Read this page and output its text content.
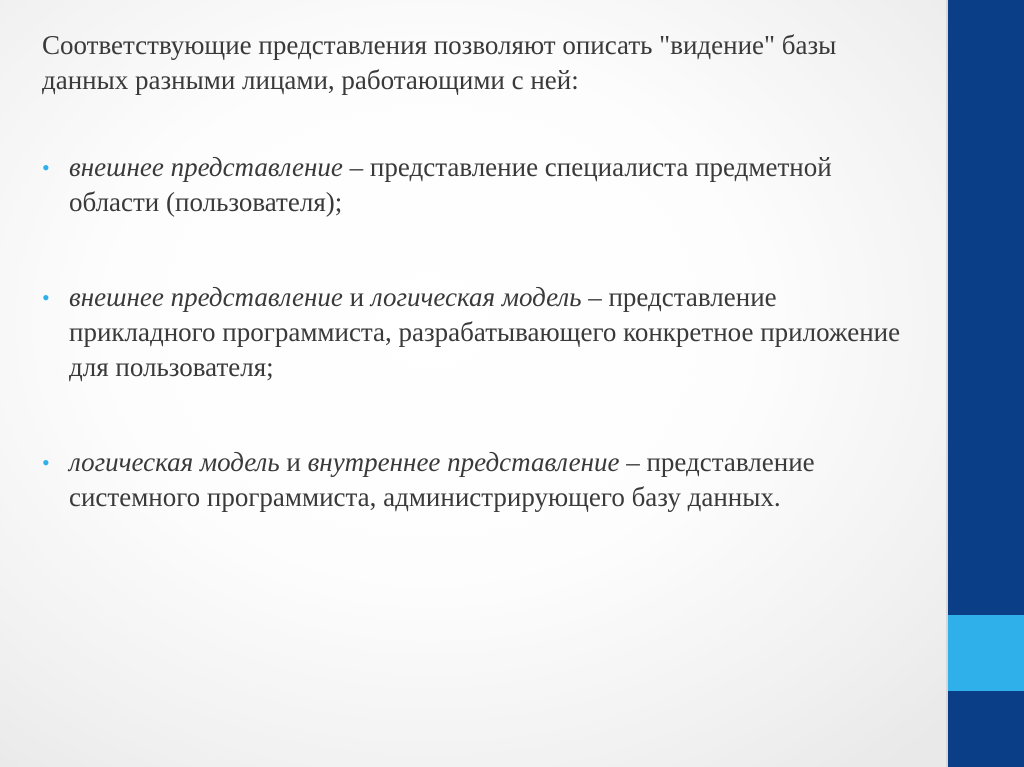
Соответствующие представления позволяют описать "видение" базы данных разными лицами, работающими с ней:

• внешнее представление – представление специалиста предметной области (пользователя);
• внешнее представление и логическая модель – представление прикладного программиста, разрабатывающего конкретное приложение для пользователя;
• логическая модель и внутреннее представление – представление системного программиста, администрирующего базу данных.
